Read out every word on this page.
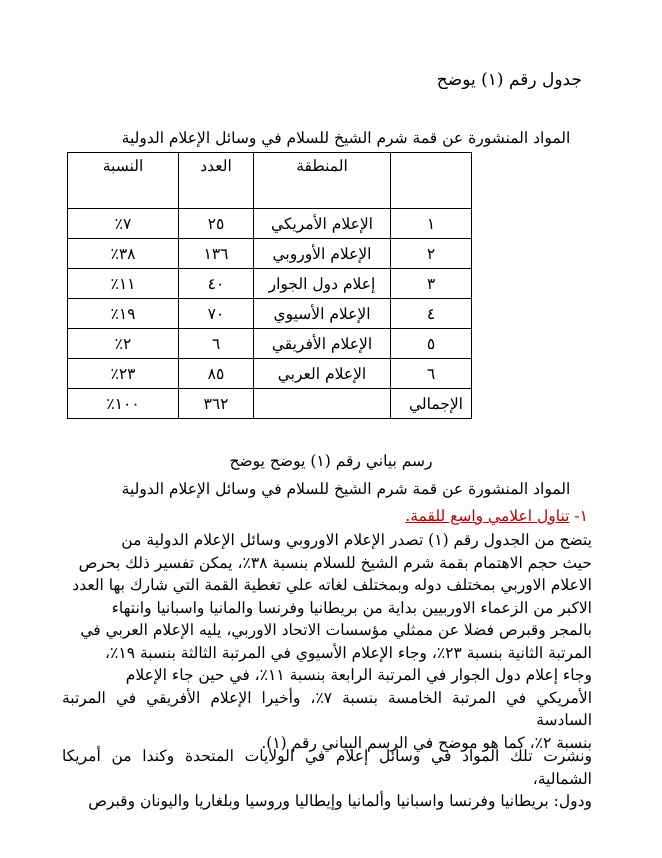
جدول رقم (١) يوضح
المواد المنشورة عن قمة شرم الشيخ للسلام في وسائل الإعلام الدولية
	المنطقة	العدد	النسبة
١	الإعلام الأمريكي	٢٥	٧٪
٢	الإعلام الأوروبي	١٣٦	٣٨٪
٣	إعلام دول الجوار	٤٠	١١٪
٤	الإعلام الأسيوي	٧٠	١٩٪
٥	الإعلام الأفريقي	٦	٢٪
٦	الإعلام العربي	٨٥	٢٣٪
الإجمالي		٣٦٢	١٠٠٪
رسم بياني رقم (١) يوضح يوضح
المواد المنشورة عن قمة شرم الشيخ للسلام في وسائل الإعلام الدولية
١- تناول اعلامي واسع للقمة.

يتضح من الجدول رقم (١) تصدر الإعلام الاوروبي وسائل الإعلام الدولية من

حيث حجم الاهتمام بقمة شرم الشيخ للسلام بنسبة ٣٨٪، يمكن تفسير ذلك بحرص

الاعلام الاوربي بمختلف دوله وبمختلف لغاته علي تغطية القمة التي شارك بها العدد

الاكبر من الزعماء الاوربيين بداية من بريطانيا وفرنسا والمانيا واسبانيا وانتهاء

بالمجر وقبرص فضلا عن ممثلي مؤسسات الاتحاد الاوربي، يليه الإعلام العربي في

المرتبة الثانية بنسبة ٢٣٪، وجاء الإعلام الأسيوي في المرتبة الثالثة بنسبة ١٩٪،

وجاء إعلام دول الجوار في المرتبة الرابعة بنسبة ١١٪، في حين جاء الإعلام

الأمريكي في المرتبة الخامسة بنسبة ٧٪، وأخيرا الإعلام الأفريقي في المرتبة السادسة

بنسبة ٢٪، كما هو موضح في الرسم البياني رقم (١).

ونشرت تلك المواد في وسائل إعلام في الولايات المتحدة وكندا من أمريكا الشمالية،

ودول: بريطانيا وفرنسا واسبانيا وألمانيا وإيطاليا وروسيا وبلغاريا واليونان وقبرص
